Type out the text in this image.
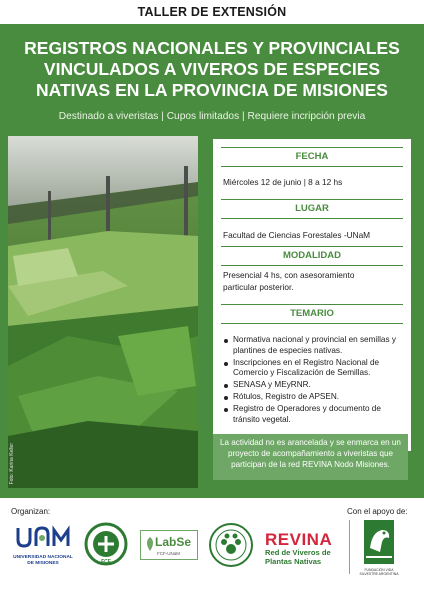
TALLER DE EXTENSIÓN
REGISTROS NACIONALES Y PROVINCIALES
VINCULADOS A VIVEROS DE ESPECIES
NATIVAS EN LA PROVINCIA DE MISIONES
Destinado a viveristas | Cupos limitados | Requiere incripción previa
Foto: Karina Keller
FECHA
Miércoles 12 de junio | 8 a 12 hs
LUGAR
Facultad de Ciencias Forestales -UNaM
MODALIDAD
Presencial 4 hs, con asesoramiento
particular posterior.
TEMARIO
Normativa nacional y provincial en semillas y plantines de especies nativas.
Inscripciones en el Registro Nacional de Comercio y Fiscalización de Semillas.
SENASA y MEyRNR.
Rótulos, Registro de APSEN.
Registro de Operadores y documento de tránsito vegetal.
La actividad no es arancelada y se enmarca en un proyecto de acompañamiento a viveristas que participan de la red REVINA Nodo Misiones.
Organizan:	Con el apoyo de:
UNIVERSIDAD NACIONAL DE MISIONES	FCF
LabSe
FCF-UNaM
REVINA
Red de Viveros de
Plantas Nativas
FUNDACIÓN VIDA SILVESTRE ARGENTINA
